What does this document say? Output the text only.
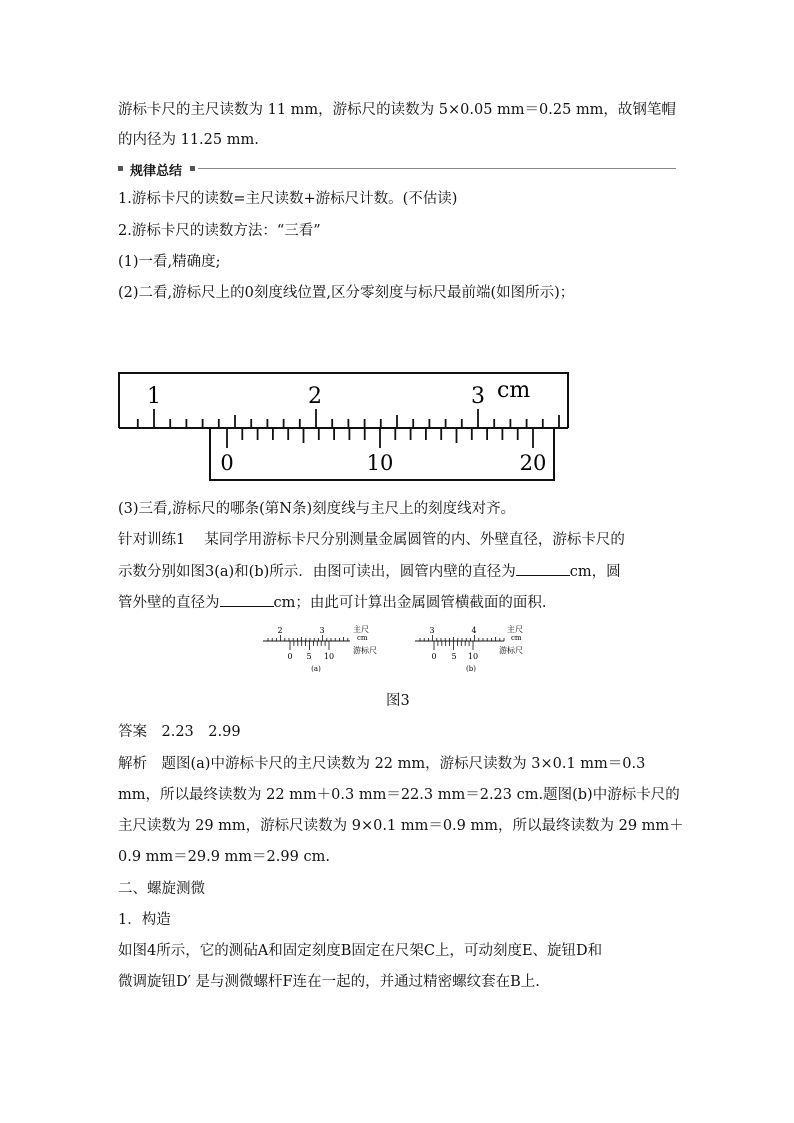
游标卡尺的主尺读数为 11 mm，游标尺的读数为 5×0.05 mm＝0.25 mm，故钢笔帽
的内径为 11.25 mm.
规律总结
1.游标卡尺的读数=主尺读数+游标尺计数。(不估读)
2.游标卡尺的读数方法：“三看”
(1)一看,精确度;
(2)二看,游标尺上的0刻度线位置,区分零刻度与标尺最前端(如图所示)；
1	2	3 cm
0	10	20
(3)三看,游标尺的哪条(第N条)刻度线与主尺上的刻度线对齐。
针对训练1　 某同学用游标卡尺分别测量金属圆管的内、外壁直径，游标卡尺的
示数分别如图3(a)和(b)所示．由图可读出，圆管内壁的直径为	cm，圆
管外壁的直径为	cm；由此可计算出金属圆管横截面的面积.
2	3
0 5 10
主尺
cm
游标尺
(a)
3	4
0 5 10
主尺
cm
游标尺
(b)
图3
答案　2.23　2.99
解析　题图(a)中游标卡尺的主尺读数为 22 mm，游标尺读数为 3×0.1 mm＝0.3
mm，所以最终读数为 22 mm＋0.3 mm＝22.3 mm＝2.23 cm.题图(b)中游标卡尺的
主尺读数为 29 mm，游标尺读数为 9×0.1 mm＝0.9 mm，所以最终读数为 29 mm＋
0.9 mm＝29.9 mm＝2.99 cm.
二、螺旋测微
1．构造
如图4所示，它的测砧A和固定刻度B固定在尺架C上，可动刻度E、旋钮D和
微调旋钮D′ 是与测微螺杆F连在一起的，并通过精密螺纹套在B上.
